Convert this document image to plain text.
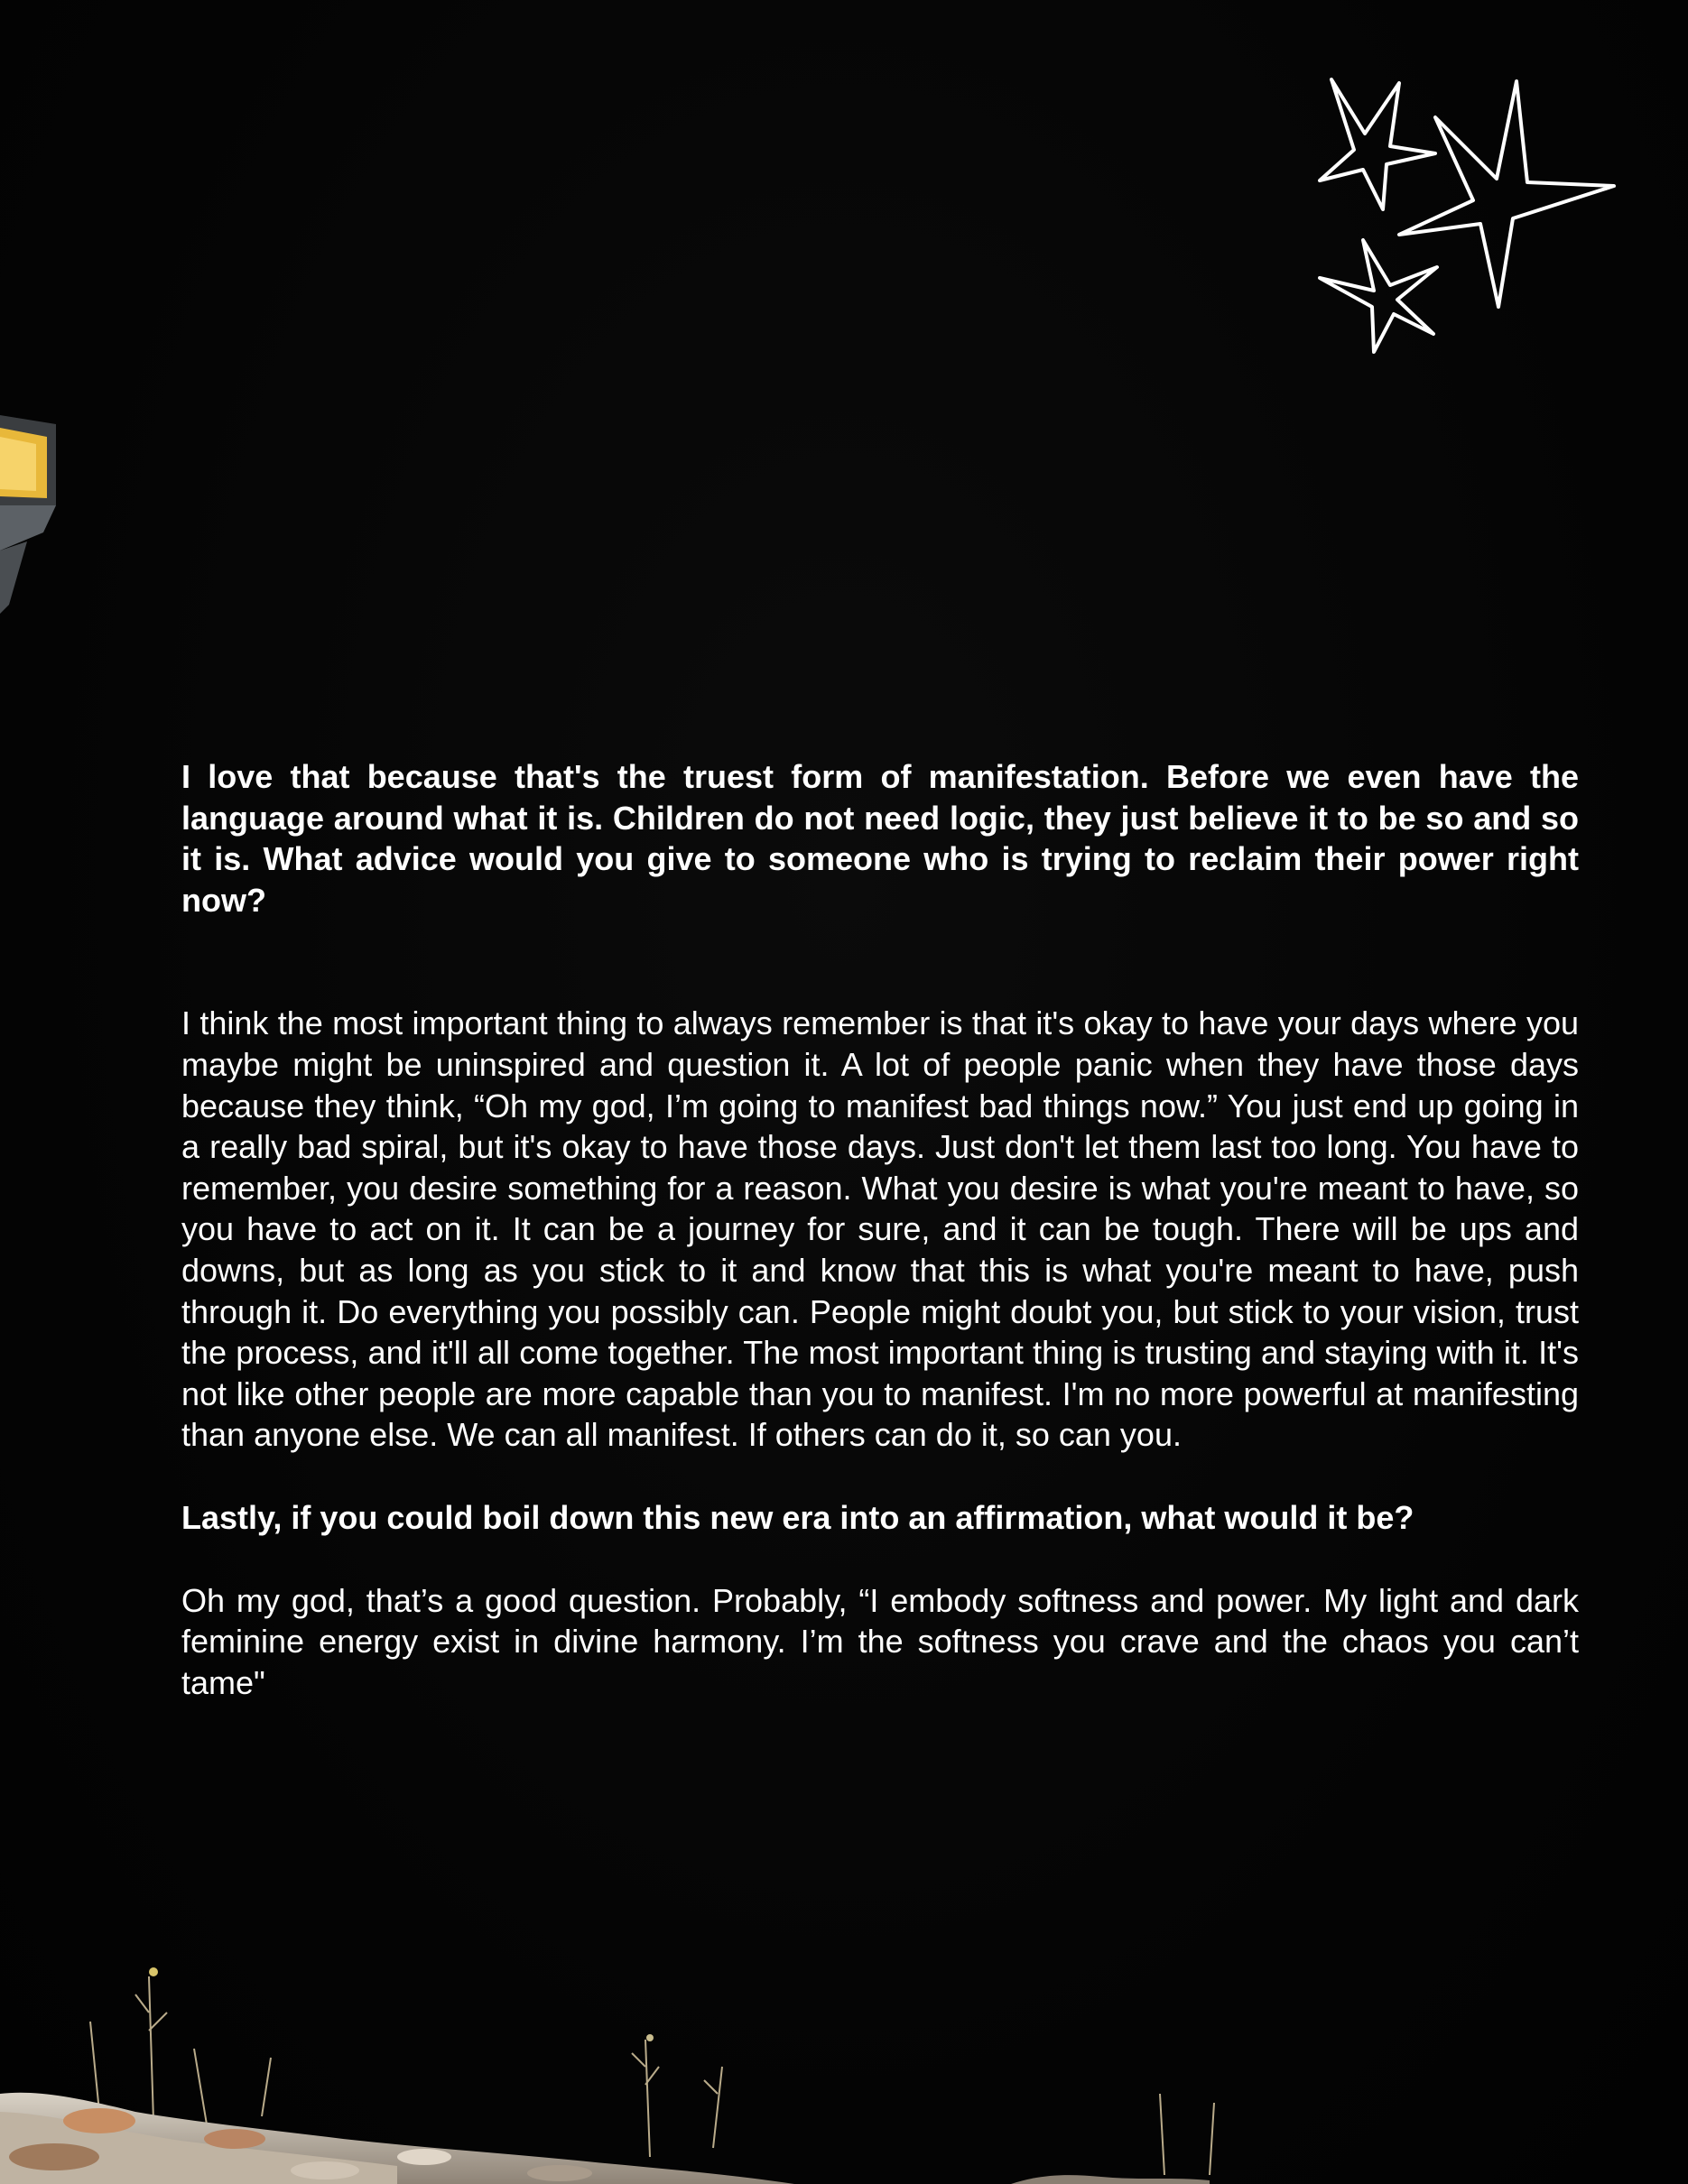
I love that because that's the truest form of manifestation. Before we even have the language around what it is. Children do not need logic, they just believe it to be so and so it is. What advice would you give to someone who is trying to reclaim their power right now?

I think the most important thing to always remember is that it's okay to have your days where you maybe might be uninspired and question it. A lot of people panic when they have those days because they think, “Oh my god, I’m going to manifest bad things now.” You just end up going in a really bad spiral, but it's okay to have those days. Just don't let them last too long. You have to remember, you desire something for a reason. What you desire is what you're meant to have, so you have to act on it. It can be a journey for sure, and it can be tough. There will be ups and downs, but as long as you stick to it and know that this is what you're meant to have, push through it. Do everything you possibly can. People might doubt you, but stick to your vision, trust the process, and it'll all come together. The most important thing is trusting and staying with it. It's not like other people are more capable than you to manifest. I'm no more powerful at manifesting than anyone else. We can all manifest. If others can do it, so can you.

Lastly, if you could boil down this new era into an affirmation, what would it be?

Oh my god, that’s a good question. Probably, “I embody softness and power. My light and dark feminine energy exist in divine harmony. I’m the softness you crave and the chaos you can’t tame"
